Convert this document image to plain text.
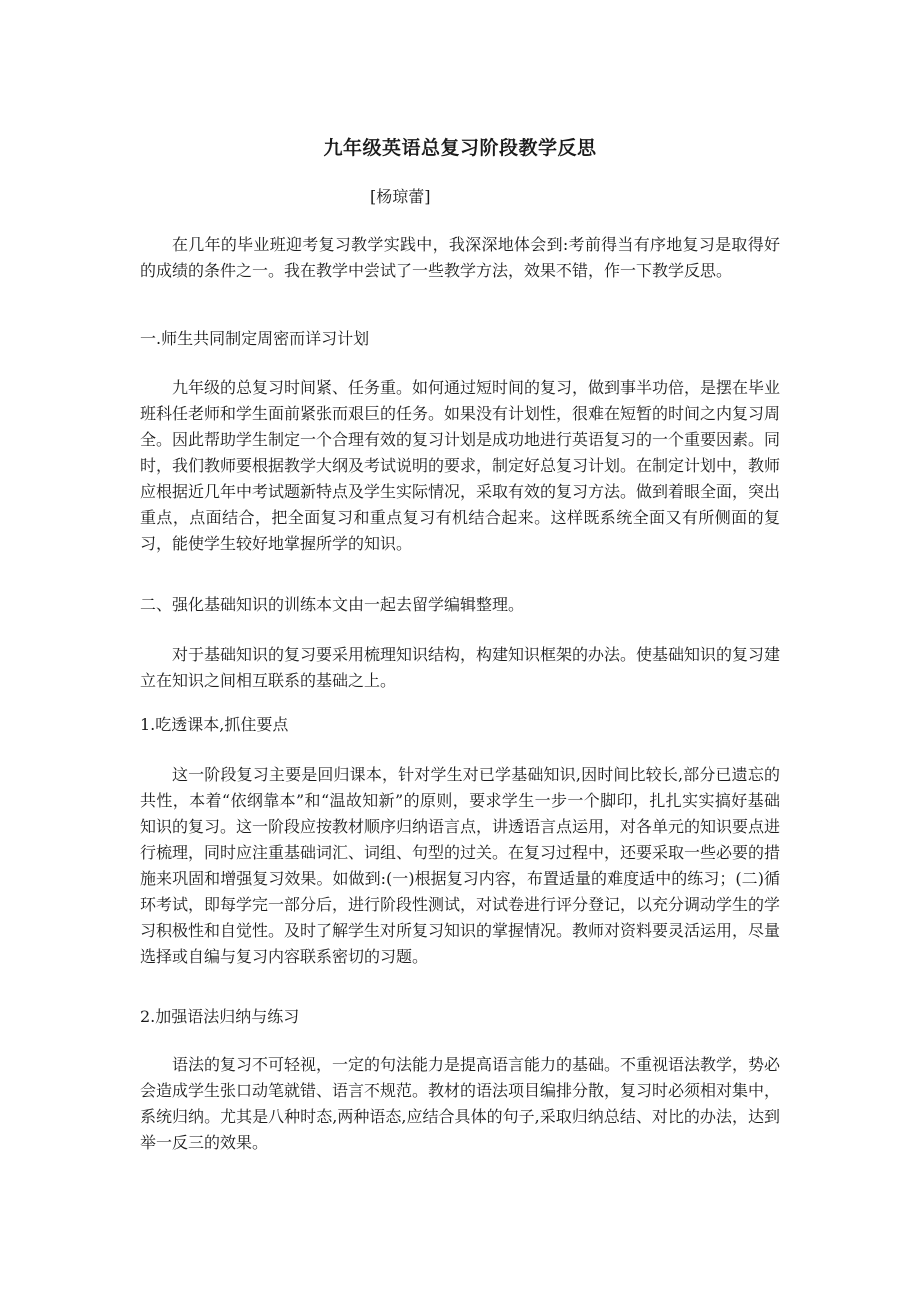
九年级英语总复习阶段教学反思
[杨琼蕾]

在几年的毕业班迎考复习教学实践中，我深深地体会到:考前得当有序地复习是取得好的成绩的条件之一。我在教学中尝试了一些教学方法，效果不错，作一下教学反思。

一.师生共同制定周密而详习计划

九年级的总复习时间紧、任务重。如何通过短时间的复习，做到事半功倍，是摆在毕业班科任老师和学生面前紧张而艰巨的任务。如果没有计划性，很难在短暂的时间之内复习周全。因此帮助学生制定一个合理有效的复习计划是成功地进行英语复习的一个重要因素。同时，我们教师要根据教学大纲及考试说明的要求，制定好总复习计划。在制定计划中，教师应根据近几年中考试题新特点及学生实际情况，采取有效的复习方法。做到着眼全面，突出重点，点面结合，把全面复习和重点复习有机结合起来。这样既系统全面又有所侧面的复习，能使学生较好地掌握所学的知识。

二、强化基础知识的训练本文由一起去留学编辑整理。

对于基础知识的复习要采用梳理知识结构，构建知识框架的办法。使基础知识的复习建立在知识之间相互联系的基础之上。

1.吃透课本,抓住要点

这一阶段复习主要是回归课本，针对学生对已学基础知识,因时间比较长,部分已遗忘的共性，本着“依纲靠本”和“温故知新”的原则，要求学生一步一个脚印，扎扎实实搞好基础知识的复习。这一阶段应按教材顺序归纳语言点，讲透语言点运用，对各单元的知识要点进行梳理，同时应注重基础词汇、词组、句型的过关。在复习过程中，还要采取一些必要的措施来巩固和增强复习效果。如做到:(一)根据复习内容，布置适量的难度适中的练习；(二)循环考试，即每学完一部分后，进行阶段性测试，对试卷进行评分登记，以充分调动学生的学习积极性和自觉性。及时了解学生对所复习知识的掌握情况。教师对资料要灵活运用，尽量选择或自编与复习内容联系密切的习题。

2.加强语法归纳与练习

语法的复习不可轻视，一定的句法能力是提高语言能力的基础。不重视语法教学，势必会造成学生张口动笔就错、语言不规范。教材的语法项目编排分散，复习时必须相对集中，系统归纳。尤其是八种时态,两种语态,应结合具体的句子,采取归纳总结、对比的办法，达到举一反三的效果。
